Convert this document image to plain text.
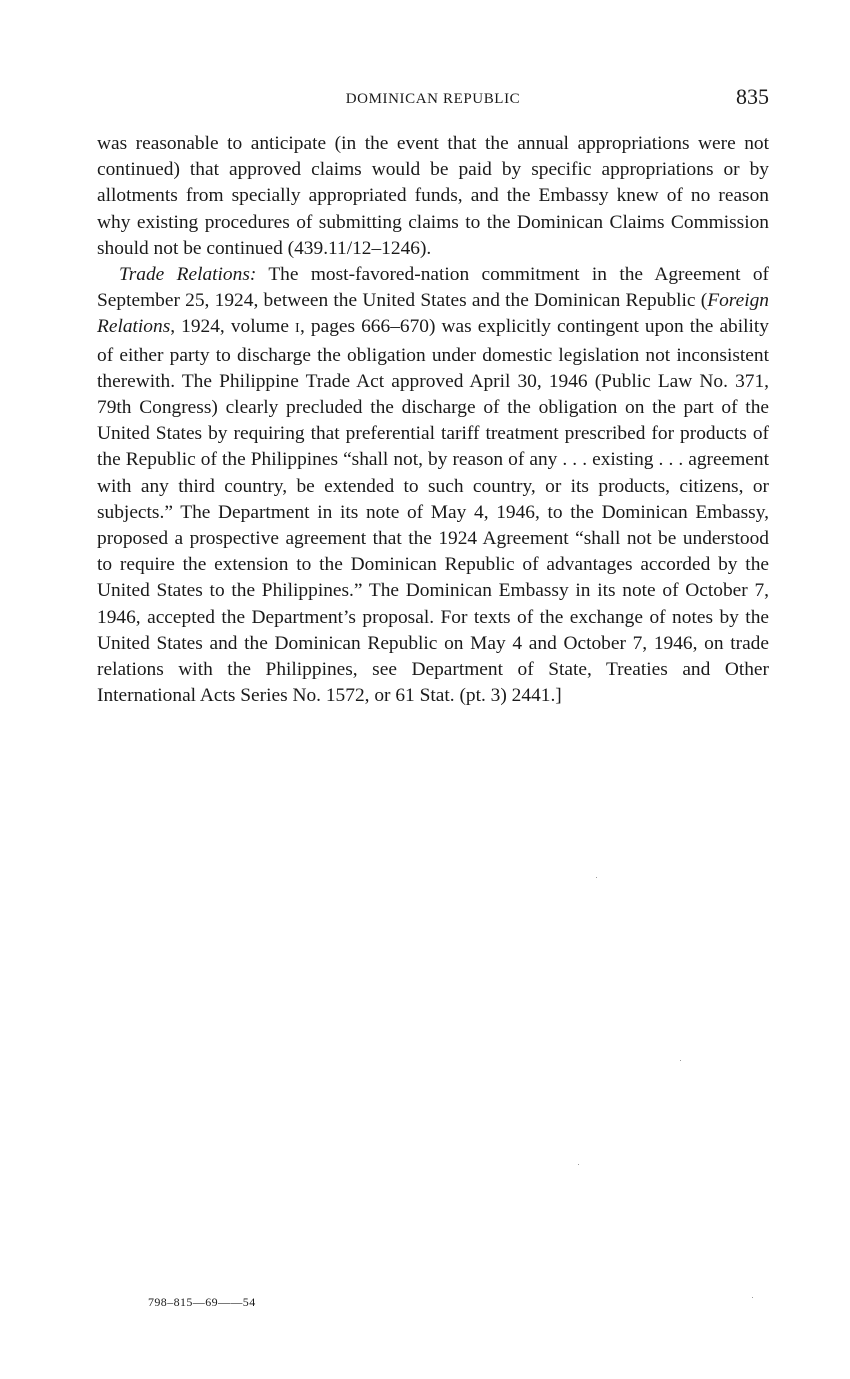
DOMINICAN REPUBLIC	835

was reasonable to anticipate (in the event that the annual appropriations were not continued) that approved claims would be paid by specific appropriations or by allotments from specially appropriated funds, and the Embassy knew of no reason why existing procedures of submitting claims to the Dominican Claims Commission should not be continued (439.11/12–1246).

Trade Relations: The most-favored-nation commitment in the Agreement of September 25, 1924, between the United States and the Dominican Republic (Foreign Relations, 1924, volume I, pages 666–670) was explicitly contingent upon the ability of either party to discharge the obligation under domestic legislation not inconsistent therewith. The Philippine Trade Act approved April 30, 1946 (Public Law No. 371, 79th Congress) clearly precluded the discharge of the obligation on the part of the United States by requiring that preferential tariff treatment prescribed for products of the Republic of the Philippines “shall not, by reason of any . . . existing . . . agreement with any third country, be extended to such country, or its products, citizens, or subjects.” The Department in its note of May 4, 1946, to the Dominican Embassy, proposed a prospective agreement that the 1924 Agreement “shall not be understood to require the extension to the Dominican Republic of advantages accorded by the United States to the Philippines.” The Dominican Embassy in its note of October 7, 1946, accepted the Department’s proposal. For texts of the exchange of notes by the United States and the Dominican Republic on May 4 and October 7, 1946, on trade relations with the Philippines, see Department of State, Treaties and Other International Acts Series No. 1572, or 61 Stat. (pt. 3) 2441.]

798–815—69——54
